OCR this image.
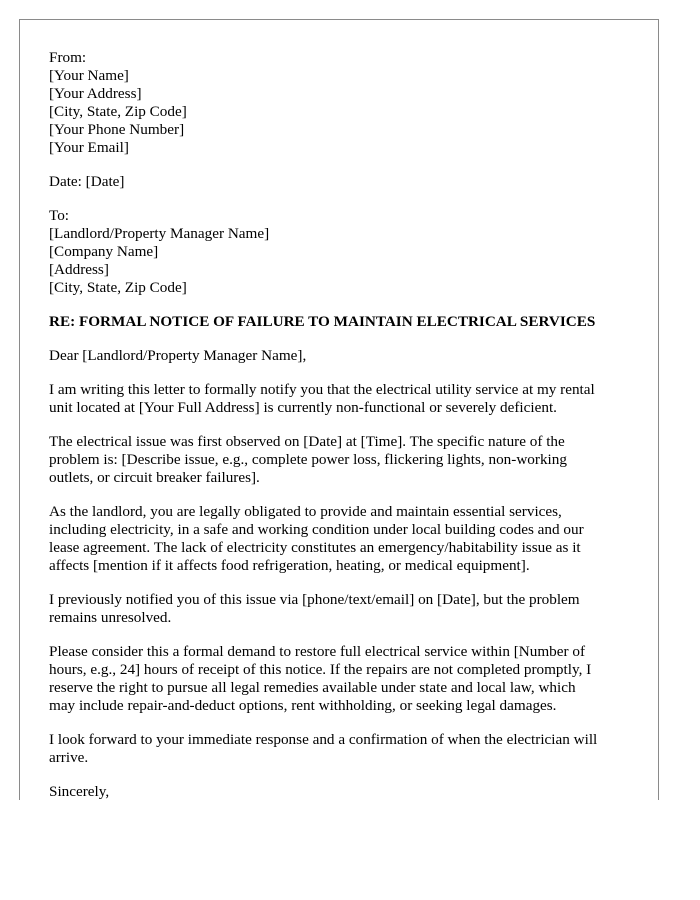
From:
[Your Name]
[Your Address]
[City, State, Zip Code]
[Your Phone Number]
[Your Email]
Date: [Date]
To:
[Landlord/Property Manager Name]
[Company Name]
[Address]
[City, State, Zip Code]
RE: FORMAL NOTICE OF FAILURE TO MAINTAIN ELECTRICAL SERVICES
Dear [Landlord/Property Manager Name],
I am writing this letter to formally notify you that the electrical utility service at my rental
unit located at [Your Full Address] is currently non-functional or severely deficient.
The electrical issue was first observed on [Date] at [Time]. The specific nature of the
problem is: [Describe issue, e.g., complete power loss, flickering lights, non-working
outlets, or circuit breaker failures].
As the landlord, you are legally obligated to provide and maintain essential services,
including electricity, in a safe and working condition under local building codes and our
lease agreement. The lack of electricity constitutes an emergency/habitability issue as it
affects [mention if it affects food refrigeration, heating, or medical equipment].
I previously notified you of this issue via [phone/text/email] on [Date], but the problem
remains unresolved.
Please consider this a formal demand to restore full electrical service within [Number of
hours, e.g., 24] hours of receipt of this notice. If the repairs are not completed promptly, I
reserve the right to pursue all legal remedies available under state and local law, which
may include repair-and-deduct options, rent withholding, or seeking legal damages.
I look forward to your immediate response and a confirmation of when the electrician will
arrive.
Sincerely,
